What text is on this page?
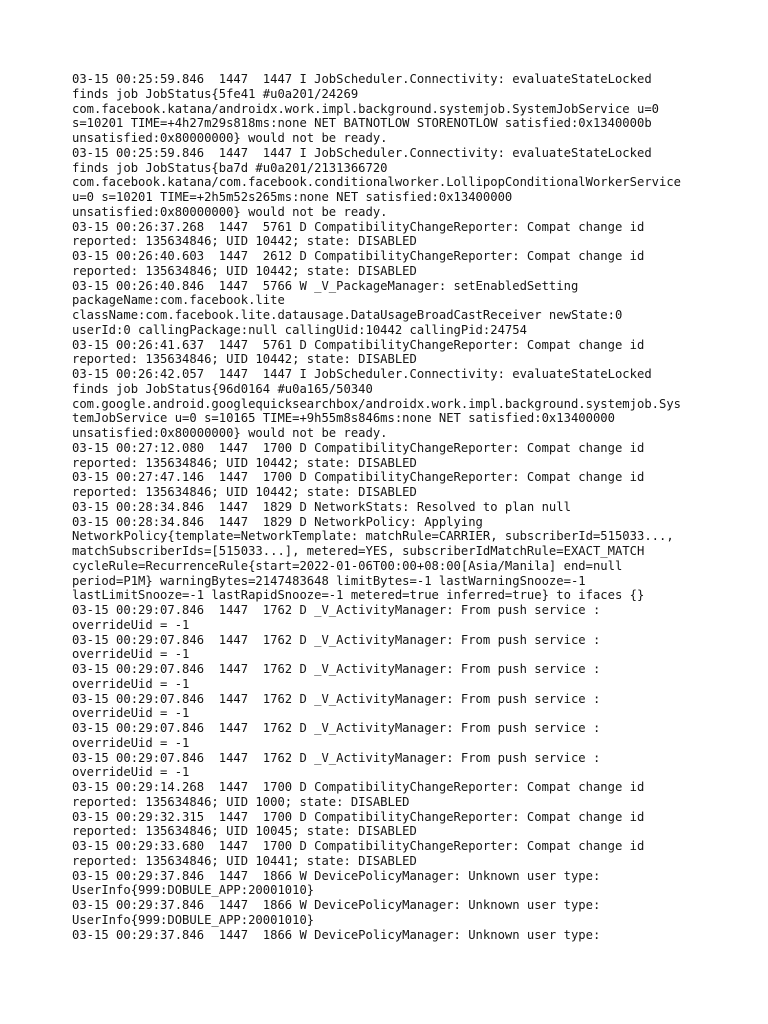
03-15 00:25:59.846  1447  1447 I JobScheduler.Connectivity: evaluateStateLocked
finds job JobStatus{5fe41 #u0a201/24269
com.facebook.katana/androidx.work.impl.background.systemjob.SystemJobService u=0
s=10201 TIME=+4h27m29s818ms:none NET BATNOTLOW STORENOTLOW satisfied:0x1340000b
unsatisfied:0x80000000} would not be ready.
03-15 00:25:59.846  1447  1447 I JobScheduler.Connectivity: evaluateStateLocked
finds job JobStatus{ba7d #u0a201/2131366720
com.facebook.katana/com.facebook.conditionalworker.LollipopConditionalWorkerService
u=0 s=10201 TIME=+2h5m52s265ms:none NET satisfied:0x13400000
unsatisfied:0x80000000} would not be ready.
03-15 00:26:37.268  1447  5761 D CompatibilityChangeReporter: Compat change id
reported: 135634846; UID 10442; state: DISABLED
03-15 00:26:40.603  1447  2612 D CompatibilityChangeReporter: Compat change id
reported: 135634846; UID 10442; state: DISABLED
03-15 00:26:40.846  1447  5766 W _V_PackageManager: setEnabledSetting
packageName:com.facebook.lite
className:com.facebook.lite.datausage.DataUsageBroadCastReceiver newState:0
userId:0 callingPackage:null callingUid:10442 callingPid:24754
03-15 00:26:41.637  1447  5761 D CompatibilityChangeReporter: Compat change id
reported: 135634846; UID 10442; state: DISABLED
03-15 00:26:42.057  1447  1447 I JobScheduler.Connectivity: evaluateStateLocked
finds job JobStatus{96d0164 #u0a165/50340
com.google.android.googlequicksearchbox/androidx.work.impl.background.systemjob.Sys
temJobService u=0 s=10165 TIME=+9h55m8s846ms:none NET satisfied:0x13400000
unsatisfied:0x80000000} would not be ready.
03-15 00:27:12.080  1447  1700 D CompatibilityChangeReporter: Compat change id
reported: 135634846; UID 10442; state: DISABLED
03-15 00:27:47.146  1447  1700 D CompatibilityChangeReporter: Compat change id
reported: 135634846; UID 10442; state: DISABLED
03-15 00:28:34.846  1447  1829 D NetworkStats: Resolved to plan null
03-15 00:28:34.846  1447  1829 D NetworkPolicy: Applying
NetworkPolicy{template=NetworkTemplate: matchRule=CARRIER, subscriberId=515033...,
matchSubscriberIds=[515033...], metered=YES, subscriberIdMatchRule=EXACT_MATCH
cycleRule=RecurrenceRule{start=2022-01-06T00:00+08:00[Asia/Manila] end=null
period=P1M} warningBytes=2147483648 limitBytes=-1 lastWarningSnooze=-1
lastLimitSnooze=-1 lastRapidSnooze=-1 metered=true inferred=true} to ifaces {}
03-15 00:29:07.846  1447  1762 D _V_ActivityManager: From push service :
overrideUid = -1
03-15 00:29:07.846  1447  1762 D _V_ActivityManager: From push service :
overrideUid = -1
03-15 00:29:07.846  1447  1762 D _V_ActivityManager: From push service :
overrideUid = -1
03-15 00:29:07.846  1447  1762 D _V_ActivityManager: From push service :
overrideUid = -1
03-15 00:29:07.846  1447  1762 D _V_ActivityManager: From push service :
overrideUid = -1
03-15 00:29:07.846  1447  1762 D _V_ActivityManager: From push service :
overrideUid = -1
03-15 00:29:14.268  1447  1700 D CompatibilityChangeReporter: Compat change id
reported: 135634846; UID 1000; state: DISABLED
03-15 00:29:32.315  1447  1700 D CompatibilityChangeReporter: Compat change id
reported: 135634846; UID 10045; state: DISABLED
03-15 00:29:33.680  1447  1700 D CompatibilityChangeReporter: Compat change id
reported: 135634846; UID 10441; state: DISABLED
03-15 00:29:37.846  1447  1866 W DevicePolicyManager: Unknown user type:
UserInfo{999:DOBULE_APP:20001010}
03-15 00:29:37.846  1447  1866 W DevicePolicyManager: Unknown user type:
UserInfo{999:DOBULE_APP:20001010}
03-15 00:29:37.846  1447  1866 W DevicePolicyManager: Unknown user type:
